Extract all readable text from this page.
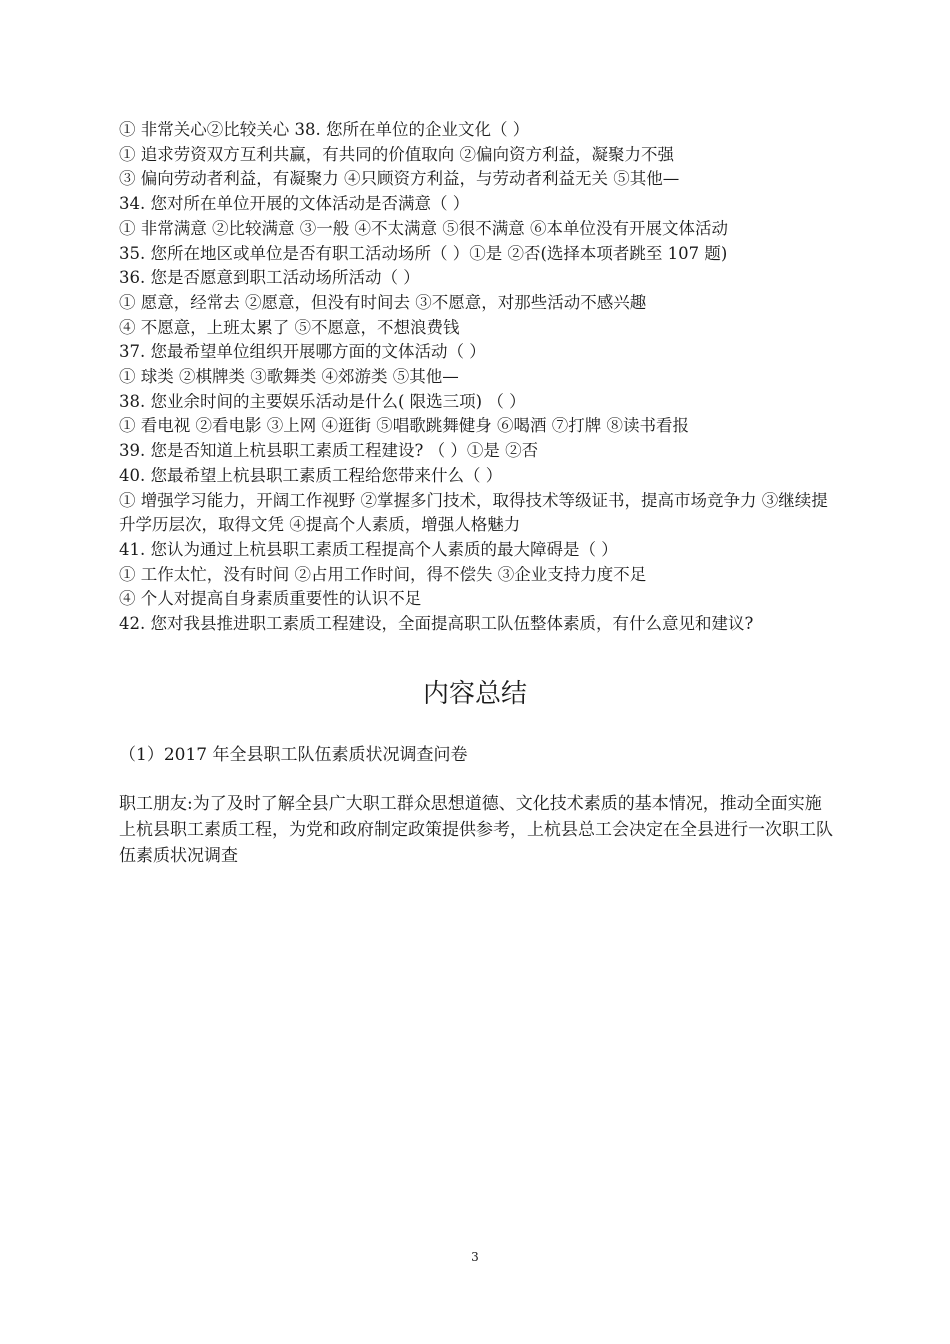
① 非常关心②比较关心 38. 您所在单位的企业文化（ ）
① 追求劳资双方互利共赢，有共同的价值取向 ②偏向资方利益，凝聚力不强
③ 偏向劳动者利益，有凝聚力 ④只顾资方利益，与劳动者利益无关 ⑤其他—
34. 您对所在单位开展的文体活动是否满意（ ）
① 非常满意 ②比较满意 ③一般 ④不太满意 ⑤很不满意 ⑥本单位没有开展文体活动
35. 您所在地区或单位是否有职工活动场所（ ）①是 ②否(选择本项者跳至 107 题)
36. 您是否愿意到职工活动场所活动（ ）
① 愿意，经常去 ②愿意，但没有时间去 ③不愿意，对那些活动不感兴趣
④ 不愿意，上班太累了 ⑤不愿意，不想浪费钱
37. 您最希望单位组织开展哪方面的文体活动（ ）
① 球类 ②棋牌类 ③歌舞类 ④郊游类 ⑤其他—
38. 您业余时间的主要娱乐活动是什么( 限选三项) （ ）
① 看电视 ②看电影 ③上网 ④逛街 ⑤唱歌跳舞健身 ⑥喝酒 ⑦打牌 ⑧读书看报
39. 您是否知道上杭县职工素质工程建设? （ ）①是 ②否
40. 您最希望上杭县职工素质工程给您带来什么（ ）
① 增强学习能力，开阔工作视野 ②掌握多门技术，取得技术等级证书，提高市场竞争力 ③继续提升学历层次，取得文凭 ④提高个人素质，增强人格魅力
41. 您认为通过上杭县职工素质工程提高个人素质的最大障碍是（ ）
① 工作太忙，没有时间 ②占用工作时间，得不偿失 ③企业支持力度不足
④ 个人对提高自身素质重要性的认识不足
42. 您对我县推进职工素质工程建设，全面提高职工队伍整体素质，有什么意见和建议?
内容总结
（1）2017 年全县职工队伍素质状况调查问卷
职工朋友:为了及时了解全县广大职工群众思想道德、文化技术素质的基本情况，推动全面实施上杭县职工素质工程，为党和政府制定政策提供参考，上杭县总工会决定在全县进行一次职工队伍素质状况调查
3
